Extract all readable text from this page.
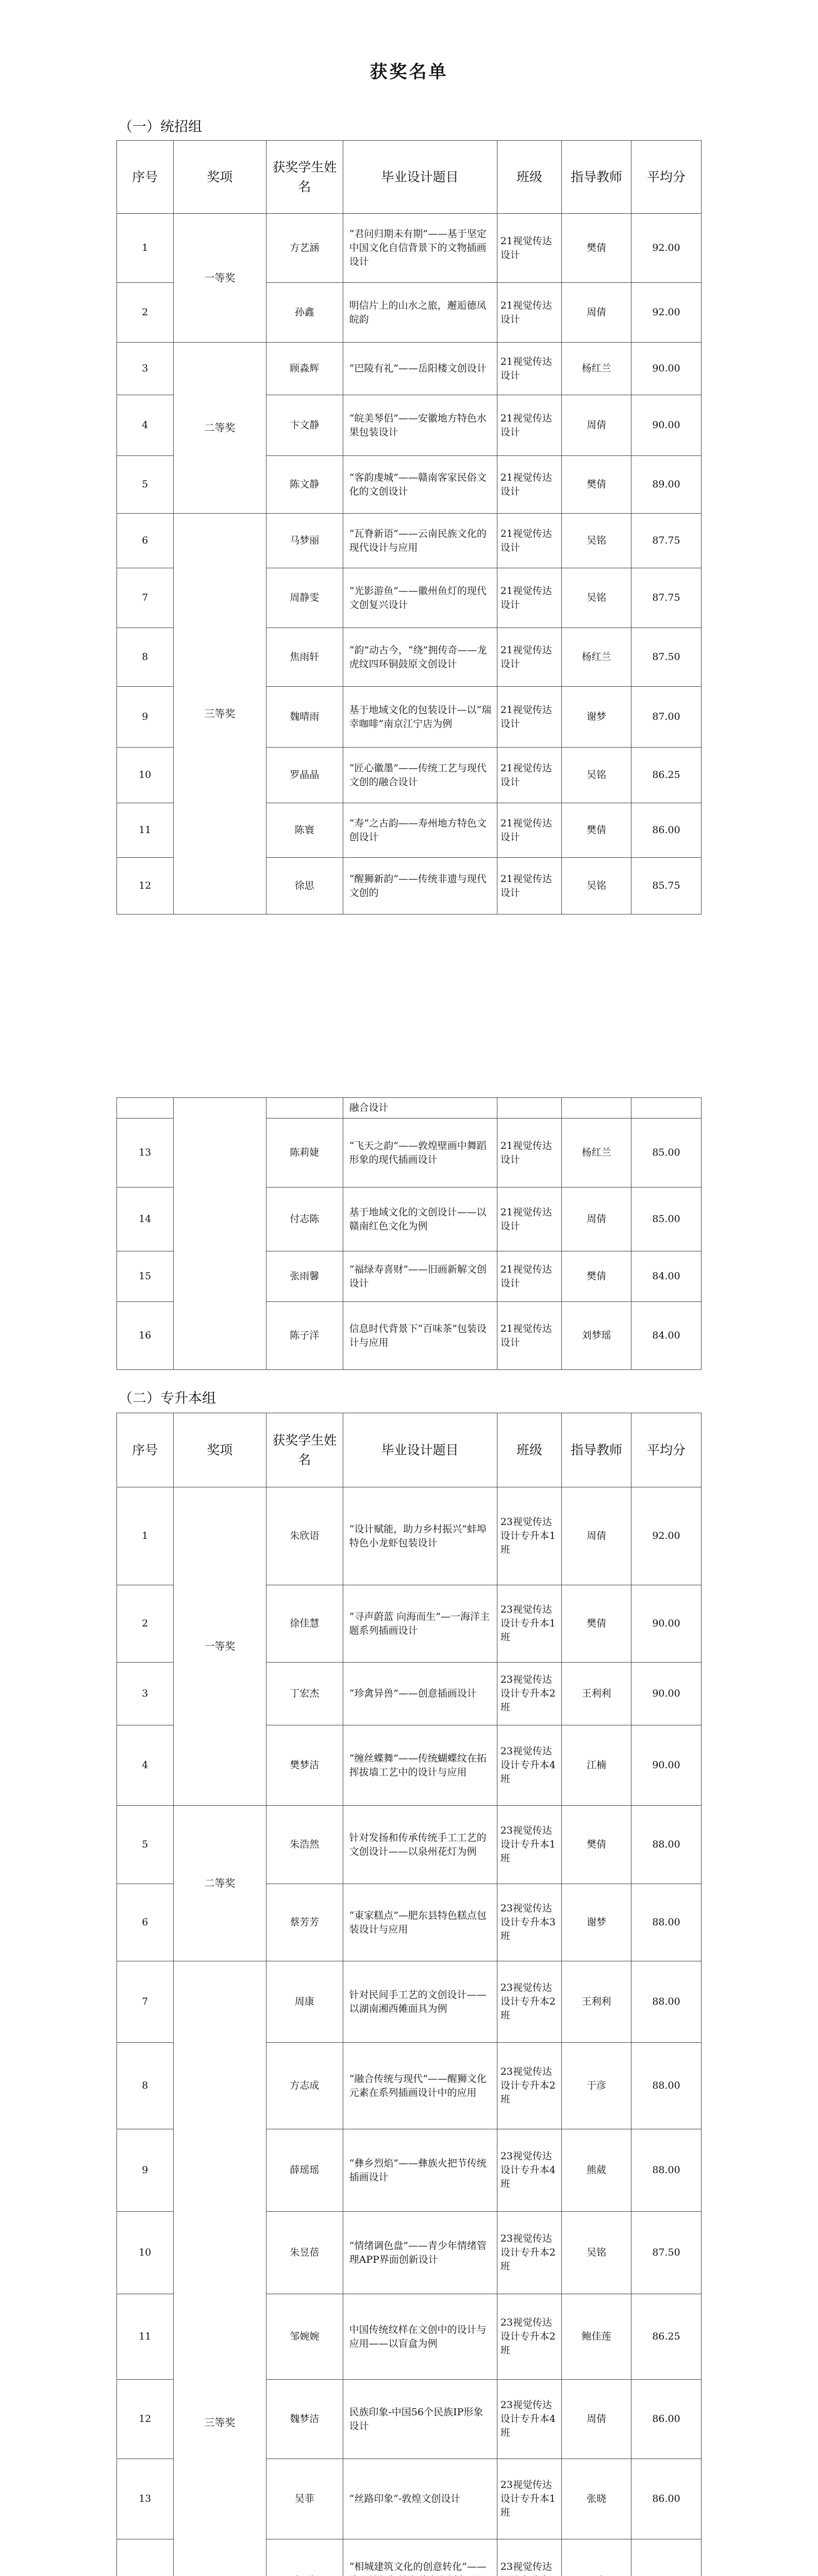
获奖名单
（一）统招组
序号	奖项	获奖学生姓名	毕业设计题目	班级	指导教师	平均分
1	一等奖	方艺涵	“君问归期未有期”——基于坚定中国文化自信背景下的文物插画设计	21视觉传达设计	樊倩	92.00
2		孙鑫	明信片上的山水之旅，邂逅德凤皖韵	21视觉传达设计	周倩	92.00
3	二等奖	顾淼辉	“巴陵有礼”——岳阳楼文创设计	21视觉传达设计	杨红兰	90.00
4		卞文静	“皖美琴侣”——安徽地方特色水果包装设计	21视觉传达设计	周倩	90.00
5		陈文静	“客韵虔城”——赣南客家民俗文化的文创设计	21视觉传达设计	樊倩	89.00
6	三等奖	马梦丽	“瓦脊新语”——云南民族文化的现代设计与应用	21视觉传达设计	吴铭	87.75
7		周静雯	“光影游鱼”——徽州鱼灯的现代文创复兴设计	21视觉传达设计	吴铭	87.75
8		焦雨轩	“韵”动古今，“绕”拥传奇——龙虎纹四环铜鼓原文创设计	21视觉传达设计	杨红兰	87.50
9		魏晴雨	基于地域文化的包装设计—以“瑞幸咖啡”南京江宁店为例	21视觉传达设计	谢梦	87.00
10		罗晶晶	“匠心徽墨”——传统工艺与现代文创的融合设计	21视觉传达设计	吴铭	86.25
11		陈寰	“寿”之古韵——寿州地方特色文创设计	21视觉传达设计	樊倩	86.00
12		徐思	“醒狮新韵”——传统非遗与现代文创的	21视觉传达设计	吴铭	85.75
			融合设计			
13		陈莉婕	“飞天之韵”——敦煌壁画中舞蹈形象的现代插画设计	21视觉传达设计	杨红兰	85.00
14		付志陈	基于地域文化的文创设计——以赣南红色文化为例	21视觉传达设计	周倩	85.00
15		张雨馨	“福绿寿喜财”——旧画新解文创设计	21视觉传达设计	樊倩	84.00
16		陈子洋	信息时代背景下“百味茶”包装设计与应用	21视觉传达设计	刘梦瑶	84.00
（二）专升本组
序号	奖项	获奖学生姓名	毕业设计题目	班级	指导教师	平均分
1	一等奖	朱欣语	“设计赋能，助力乡村振兴”蚌埠特色小龙虾包装设计	23视觉传达设计专升本1班	周倩	92.00
2		徐佳慧	“寻声蔚蓝 向海而生”—一海洋主题系列插画设计	23视觉传达设计专升本1班	樊倩	90.00
3		丁宏杰	“珍禽异兽”——创意插画设计	23视觉传达设计专升本2班	王利利	90.00
4		樊梦洁	“缠丝蝶舞”——传统蝴蝶纹在拓挥拔墙工艺中的设计与应用	23视觉传达设计专升本4班	江楠	90.00
5	二等奖	朱浩然	针对发扬和传承传统手工工艺的文创设计——以泉州花灯为例	23视觉传达设计专升本1班	樊倩	88.00
6		蔡芳芳	“東家糕点”—肥东县特色糕点包装设计与应用	23视觉传达设计专升本3班	谢梦	88.00
7	三等奖	周康	针对民间手工艺的文创设计——以湖南湘西傩面具为例	23视觉传达设计专升本2班	王利利	88.00
8		方志成	“融合传统与现代”——醒狮文化元素在系列插画设计中的应用	23视觉传达设计专升本2班	于彦	88.00
9		薛瑶瑶	“彝乡烈焰”——彝族火把节传统插画设计	23视觉传达设计专升本4班	熊葳	88.00
10		朱昱蓓	“情绪调色盘”——青少年情绪管理APP界面创新设计	23视觉传达设计专升本2班	吴铭	87.50
11		邹婉婉	中国传统纹样在文创中的设计与应用——以盲盒为例	23视觉传达设计专升本2班	鲍佳莲	86.25
12		魏梦洁	民族印象-中国56个民族IP形象设计	23视觉传达设计专升本4班	周倩	86.00
13		吴菲	“丝路印象”-敦煌文创设计	23视觉传达设计专升本1班	张晓	86.00
		“相城建筑文化的创意转化”——	23视觉传达		
